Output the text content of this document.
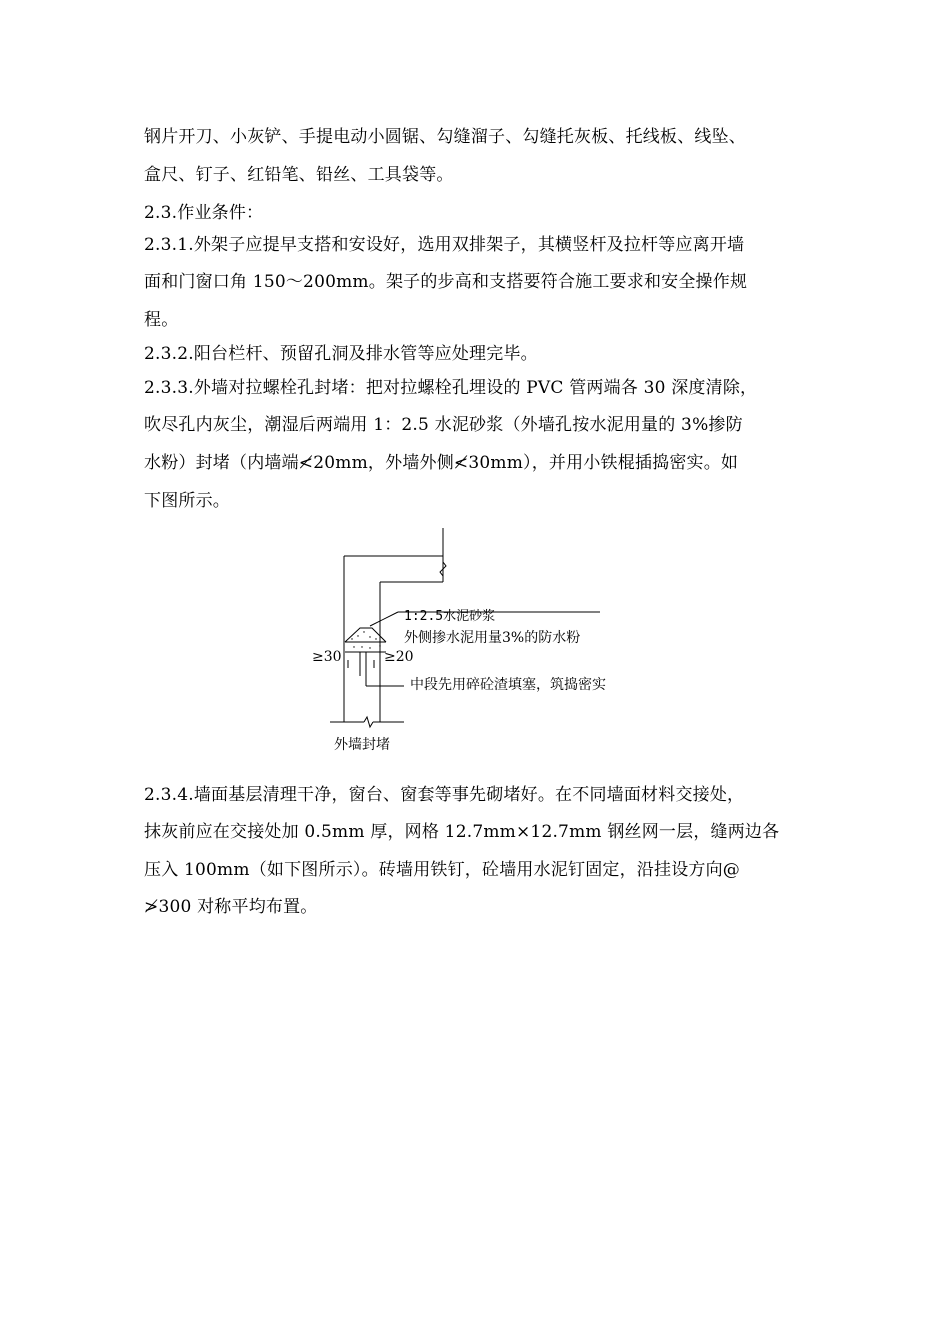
钢片开刀、小灰铲、手提电动小圆锯、勾缝溜子、勾缝托灰板、托线板、线坠、
盒尺、钉子、红铅笔、铅丝、工具袋等。
2.3.作业条件：
2.3.1.外架子应提早支搭和安设好，选用双排架子，其横竖杆及拉杆等应离开墙
面和门窗口角 150～200mm。架子的步高和支搭要符合施工要求和安全操作规
程。
2.3.2.阳台栏杆、预留孔洞及排水管等应处理完毕。
2.3.3.外墙对拉螺栓孔封堵：把对拉螺栓孔埋设的 PVC 管两端各 30 深度清除，
吹尽孔内灰尘，潮湿后两端用 1：2.5 水泥砂浆（外墙孔按水泥用量的 3%掺防
水粉）封堵（内墙端≮20mm，外墙外侧≮30mm），并用小铁棍插捣密实。如
下图所示。
1:2.5水泥砂浆
外侧掺水泥用量3%的防水粉
≥30	≥20
中段先用碎砼渣填塞，筑捣密实
外墙封堵
2.3.4.墙面基层清理干净，窗台、窗套等事先砌堵好。在不同墙面材料交接处，
抹灰前应在交接处加 0.5mm 厚，网格 12.7mm×12.7mm 钢丝网一层，缝两边各
压入 100mm（如下图所示）。砖墙用铁钉，砼墙用水泥钉固定，沿挂设方向@
≯300 对称平均布置。
